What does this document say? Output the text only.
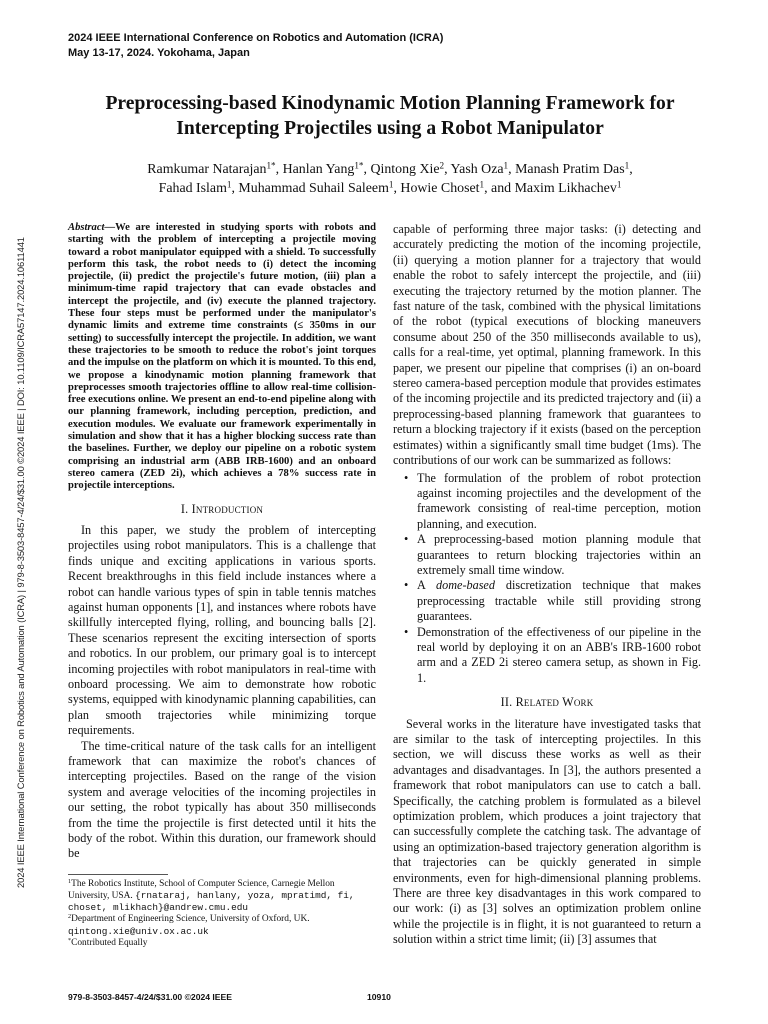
2024 IEEE International Conference on Robotics and Automation (ICRA)
May 13-17, 2024. Yokohama, Japan
2024 IEEE International Conference on Robotics and Automation (ICRA) | 979-8-3503-8457-4/24/$31.00 ©2024 IEEE | DOI: 10.1109/ICRA57147.2024.10611441
Preprocessing-based Kinodynamic Motion Planning Framework for
Intercepting Projectiles using a Robot Manipulator
Ramkumar Natarajan$^{1*}$, Hanlan Yang$^{1*}$, Qintong Xie$^2$, Yash Oza$^1$, Manash Pratim Das$^1$,
Fahad Islam$^1$, Muhammad Suhail Saleem$^1$, Howie Choset$^1$, and Maxim Likhachev$^1$

Abstract—We are interested in studying sports with robots and starting with the problem of intercepting a projectile moving toward a robot manipulator equipped with a shield. To successfully perform this task, the robot needs to (i) detect the incoming projectile, (ii) predict the projectile's future motion, (iii) plan a minimum-time rapid trajectory that can evade obstacles and intercept the projectile, and (iv) execute the planned trajectory. These four steps must be performed under the manipulator's dynamic limits and extreme time constraints (≤ 350ms in our setting) to successfully intercept the projectile. In addition, we want these trajectories to be smooth to reduce the robot's joint torques and the impulse on the platform on which it is mounted. To this end, we propose a kinodynamic motion planning framework that preprocesses smooth trajectories offline to allow real-time collision-free executions online. We present an end-to-end pipeline along with our planning framework, including perception, prediction, and execution modules. We evaluate our framework experimentally in simulation and show that it has a higher blocking success rate than the baselines. Further, we deploy our pipeline on a robotic system comprising an industrial arm (ABB IRB-1600) and an onboard stereo camera (ZED 2i), which achieves a 78% success rate in projectile interceptions.

I. Introduction

In this paper, we study the problem of intercepting projectiles using robot manipulators. This is a challenge that finds unique and exciting applications in various sports. Recent breakthroughs in this field include instances where a robot can handle various types of spin in table tennis matches against human opponents [1], and instances where robots have skillfully intercepted flying, rolling, and bouncing balls [2]. These scenarios represent the exciting intersection of sports and robotics. In our problem, our primary goal is to intercept incoming projectiles with robot manipulators in real-time with onboard processing. We aim to demonstrate how robotic systems, equipped with kinodynamic planning capabilities, can plan smooth trajectories while minimizing torque requirements.

The time-critical nature of the task calls for an intelligent framework that can maximize the robot's chances of intercepting projectiles. Based on the range of the vision system and average velocities of the incoming projectiles in our setting, the robot typically has about 350 milliseconds from the time the projectile is first detected until it hits the body of the robot. Within this duration, our framework should be

$^1$The Robotics Institute, School of Computer Science, Carnegie Mellon University, USA. {rnataraj, hanlany, yoza, mpratimd, fi, choset, mlikhach}@andrew.cmu.edu

$^2$Department of Engineering Science, University of Oxford, UK. qintong.xie@univ.ox.ac.uk

*Contributed Equally

capable of performing three major tasks: (i) detecting and accurately predicting the motion of the incoming projectile, (ii) querying a motion planner for a trajectory that would enable the robot to safely intercept the projectile, and (iii) executing the trajectory returned by the motion planner. The fast nature of the task, combined with the physical limitations of the robot (typical executions of blocking maneuvers consume about 250 of the 350 milliseconds available to us), calls for a real-time, yet optimal, planning framework. In this paper, we present our pipeline that comprises (i) an on-board stereo camera-based perception module that provides estimates of the incoming projectile and its predicted trajectory and (ii) a preprocessing-based planning framework that guarantees to return a blocking trajectory if it exists (based on the perception estimates) within a significantly small time budget (1ms). The contributions of our work can be summarized as follows:

• The formulation of the problem of robot protection against incoming projectiles and the development of the framework consisting of real-time perception, motion planning, and execution.
• A preprocessing-based motion planning module that guarantees to return blocking trajectories within an extremely small time window.
• A dome-based discretization technique that makes preprocessing tractable while still providing strong guarantees.
• Demonstration of the effectiveness of our pipeline in the real world by deploying it on an ABB's IRB-1600 robot arm and a ZED 2i stereo camera setup, as shown in Fig. 1.
II. Related Work

Several works in the literature have investigated tasks that are similar to the task of intercepting projectiles. In this section, we will discuss these works as well as their advantages and disadvantages. In [3], the authors presented a framework that robot manipulators can use to catch a ball. Specifically, the catching problem is formulated as a bilevel optimization problem, which produces a joint trajectory that can successfully complete the catching task. The advantage of using an optimization-based trajectory generation algorithm is that trajectories can be quickly generated in simple environments, even for high-dimensional planning problems. There are three key disadvantages in this work compared to our work: (i) as [3] solves an optimization problem online while the projectile is in flight, it is not guaranteed to return a solution within a strict time limit; (ii) [3] assumes that

979-8-3503-8457-4/24/$31.00 ©2024 IEEE	10910
